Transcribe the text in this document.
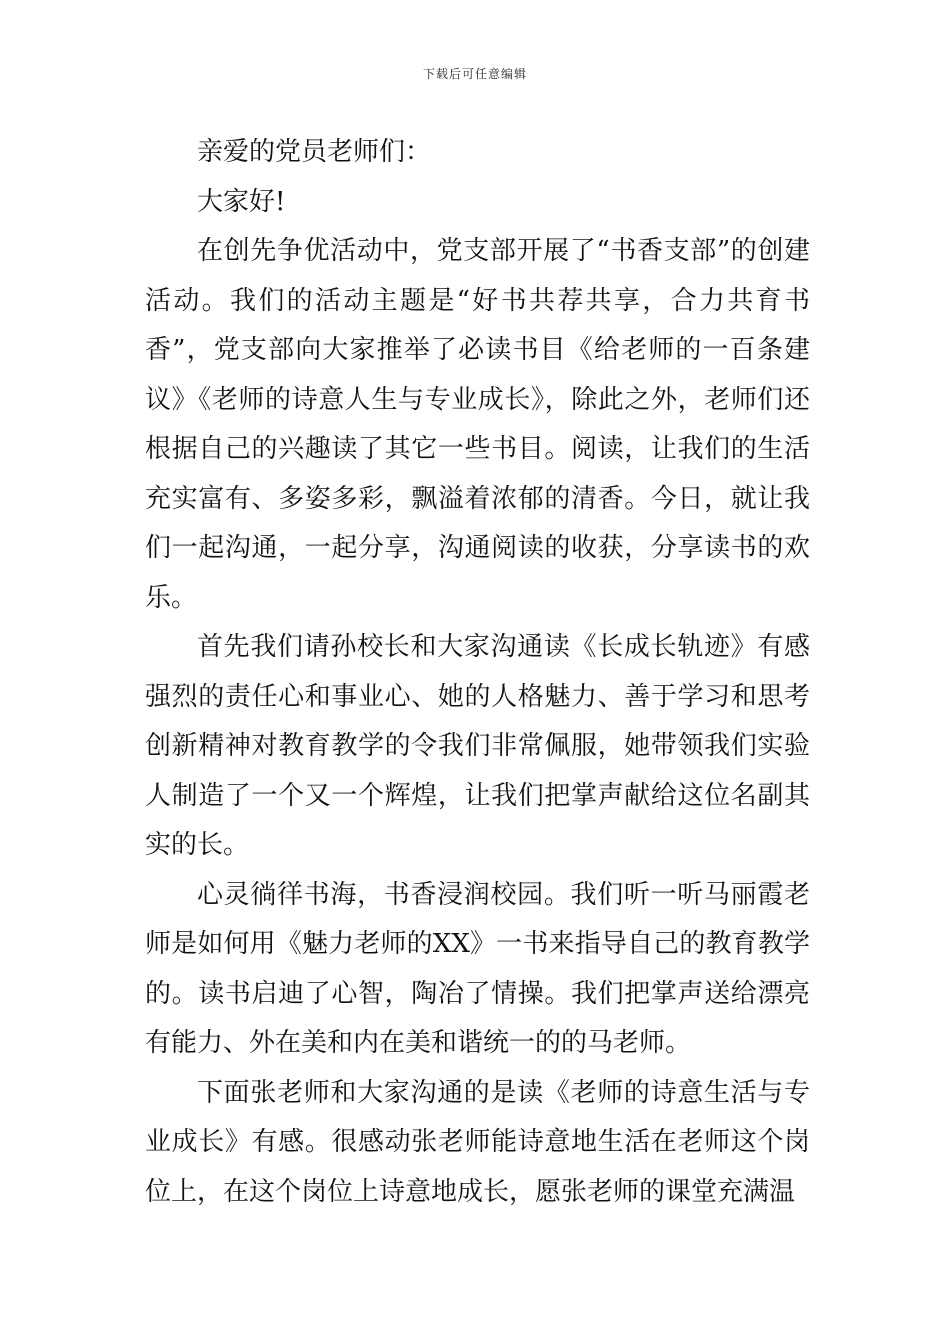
下载后可任意编辑

亲爱的党员老师们：

大家好!

在创先争优活动中，党支部开展了“书香支部”的创建活动。我们的活动主题是“好书共荐共享，合力共育书香”，党支部向大家推举了必读书目《给老师的一百条建议》《老师的诗意人生与专业成长》，除此之外，老师们还根据自己的兴趣读了其它一些书目。阅读，让我们的生活充实富有、多姿多彩，飘溢着浓郁的清香。今日，就让我们一起沟通，一起分享，沟通阅读的收获，分享读书的欢乐。

首先我们请孙校长和大家沟通读《长成长轨迹》有感强烈的责任心和事业心、她的人格魅力、善于学习和思考创新精神对教育教学的令我们非常佩服，她带领我们实验人制造了一个又一个辉煌，让我们把掌声献给这位名副其实的长。

心灵徜徉书海，书香浸润校园。我们听一听马丽霞老师是如何用《魅力老师的XX》一书来指导自己的教育教学的。读书启迪了心智，陶冶了情操。我们把掌声送给漂亮有能力、外在美和内在美和谐统一的的马老师。

下面张老师和大家沟通的是读《老师的诗意生活与专业成长》有感。很感动张老师能诗意地生活在老师这个岗位上，在这个岗位上诗意地成长，愿张老师的课堂充满温
